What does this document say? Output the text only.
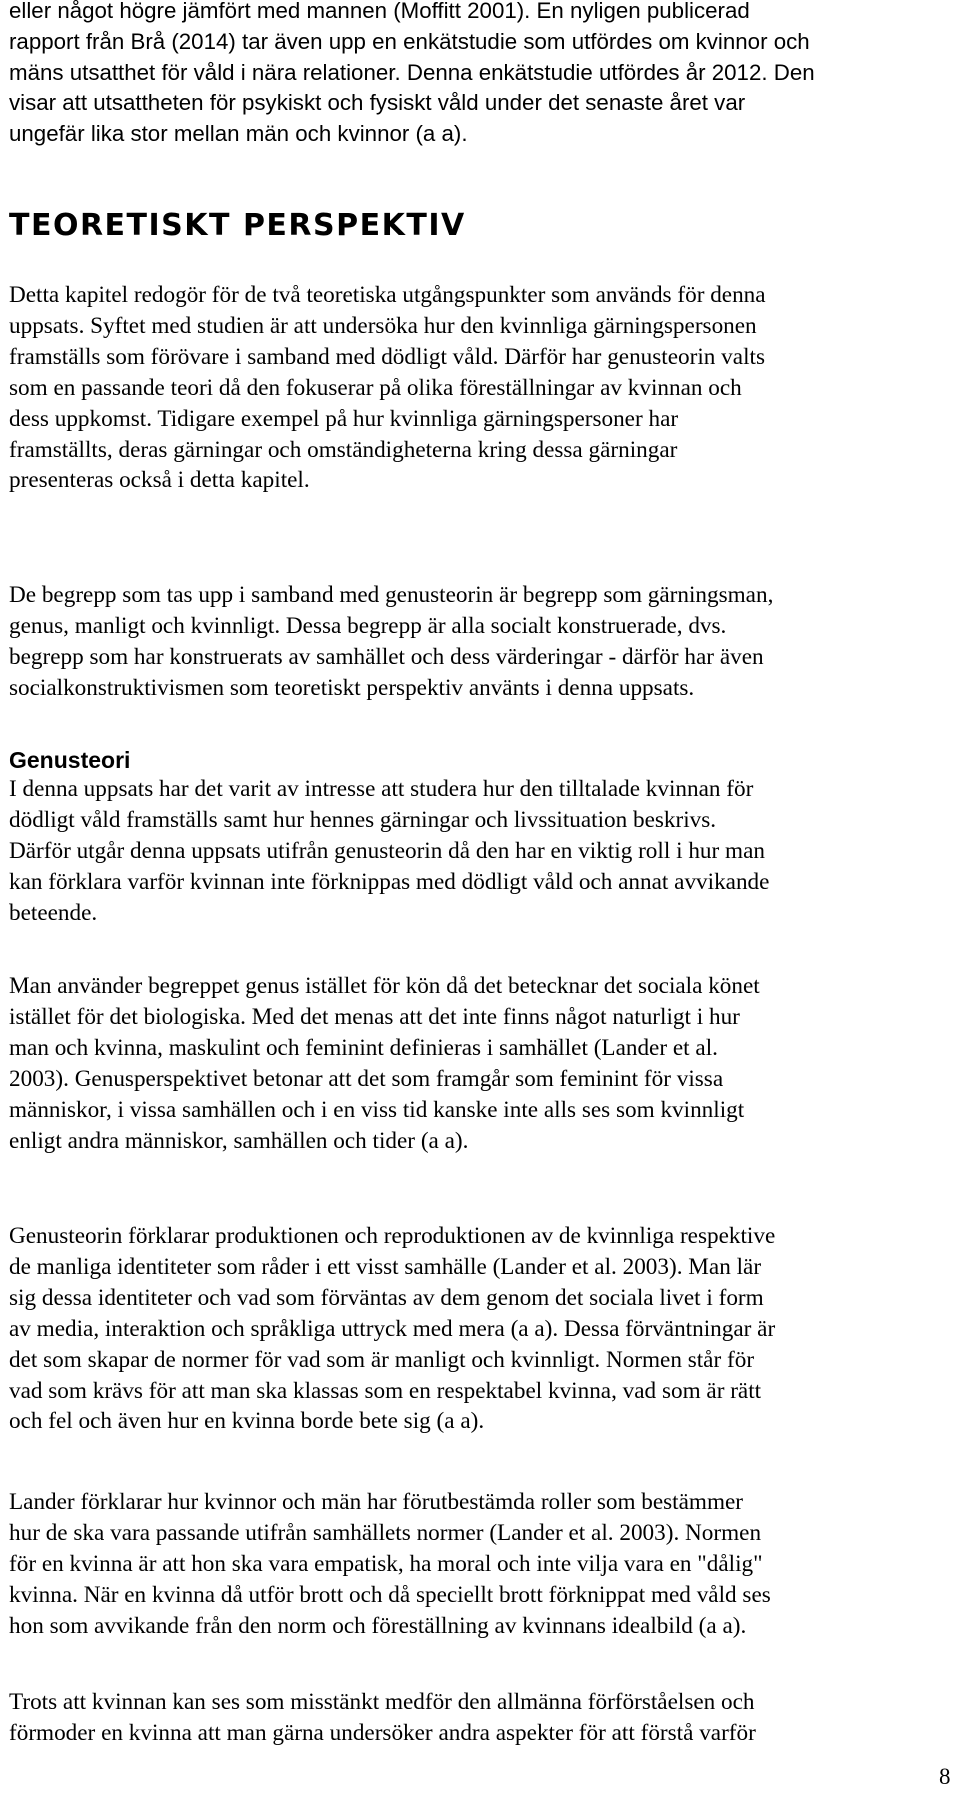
eller något högre jämfört med mannen (Moffitt 2001). En nyligen publicerad
rapport från Brå (2014) tar även upp en enkätstudie som utfördes om kvinnor och
mäns utsatthet för våld i nära relationer. Denna enkätstudie utfördes år 2012. Den
visar att utsattheten för psykiskt och fysiskt våld under det senaste året var
ungefär lika stor mellan män och kvinnor (a a).

TEORETISKT PERSPEKTIV

Detta kapitel redogör för de två teoretiska utgångspunkter som används för denna
uppsats. Syftet med studien är att undersöka hur den kvinnliga gärningspersonen
framställs som förövare i samband med dödligt våld. Därför har genusteorin valts
som en passande teori då den fokuserar på olika föreställningar av kvinnan och
dess uppkomst. Tidigare exempel på hur kvinnliga gärningspersoner har
framställts, deras gärningar och omständigheterna kring dessa gärningar
presenteras också i detta kapitel.

De begrepp som tas upp i samband med genusteorin är begrepp som gärningsman,
genus, manligt och kvinnligt. Dessa begrepp är alla socialt konstruerade, dvs.
begrepp som har konstruerats av samhället och dess värderingar - därför har även
socialkonstruktivismen som teoretiskt perspektiv använts i denna uppsats.

Genusteori

I denna uppsats har det varit av intresse att studera hur den tilltalade kvinnan för
dödligt våld framställs samt hur hennes gärningar och livssituation beskrivs.
Därför utgår denna uppsats utifrån genusteorin då den har en viktig roll i hur man
kan förklara varför kvinnan inte förknippas med dödligt våld och annat avvikande
beteende.

Man använder begreppet genus istället för kön då det betecknar det sociala könet
istället för det biologiska. Med det menas att det inte finns något naturligt i hur
man och kvinna, maskulint och feminint definieras i samhället (Lander et al.
2003). Genusperspektivet betonar att det som framgår som feminint för vissa
människor, i vissa samhällen och i en viss tid kanske inte alls ses som kvinnligt
enligt andra människor, samhällen och tider (a a).

Genusteorin förklarar produktionen och reproduktionen av de kvinnliga respektive
de manliga identiteter som råder i ett visst samhälle (Lander et al. 2003). Man lär
sig dessa identiteter och vad som förväntas av dem genom det sociala livet i form
av media, interaktion och språkliga uttryck med mera (a a). Dessa förväntningar är
det som skapar de normer för vad som är manligt och kvinnligt. Normen står för
vad som krävs för att man ska klassas som en respektabel kvinna, vad som är rätt
och fel och även hur en kvinna borde bete sig (a a).

Lander förklarar hur kvinnor och män har förutbestämda roller som bestämmer
hur de ska vara passande utifrån samhällets normer (Lander et al. 2003). Normen
för en kvinna är att hon ska vara empatisk, ha moral och inte vilja vara en "dålig"
kvinna. När en kvinna då utför brott och då speciellt brott förknippat med våld ses
hon som avvikande från den norm och föreställning av kvinnans idealbild (a a).

Trots att kvinnan kan ses som misstänkt medför den allmänna förförståelsen och
förmoder en kvinna att man gärna undersöker andra aspekter för att förstå varför

8
